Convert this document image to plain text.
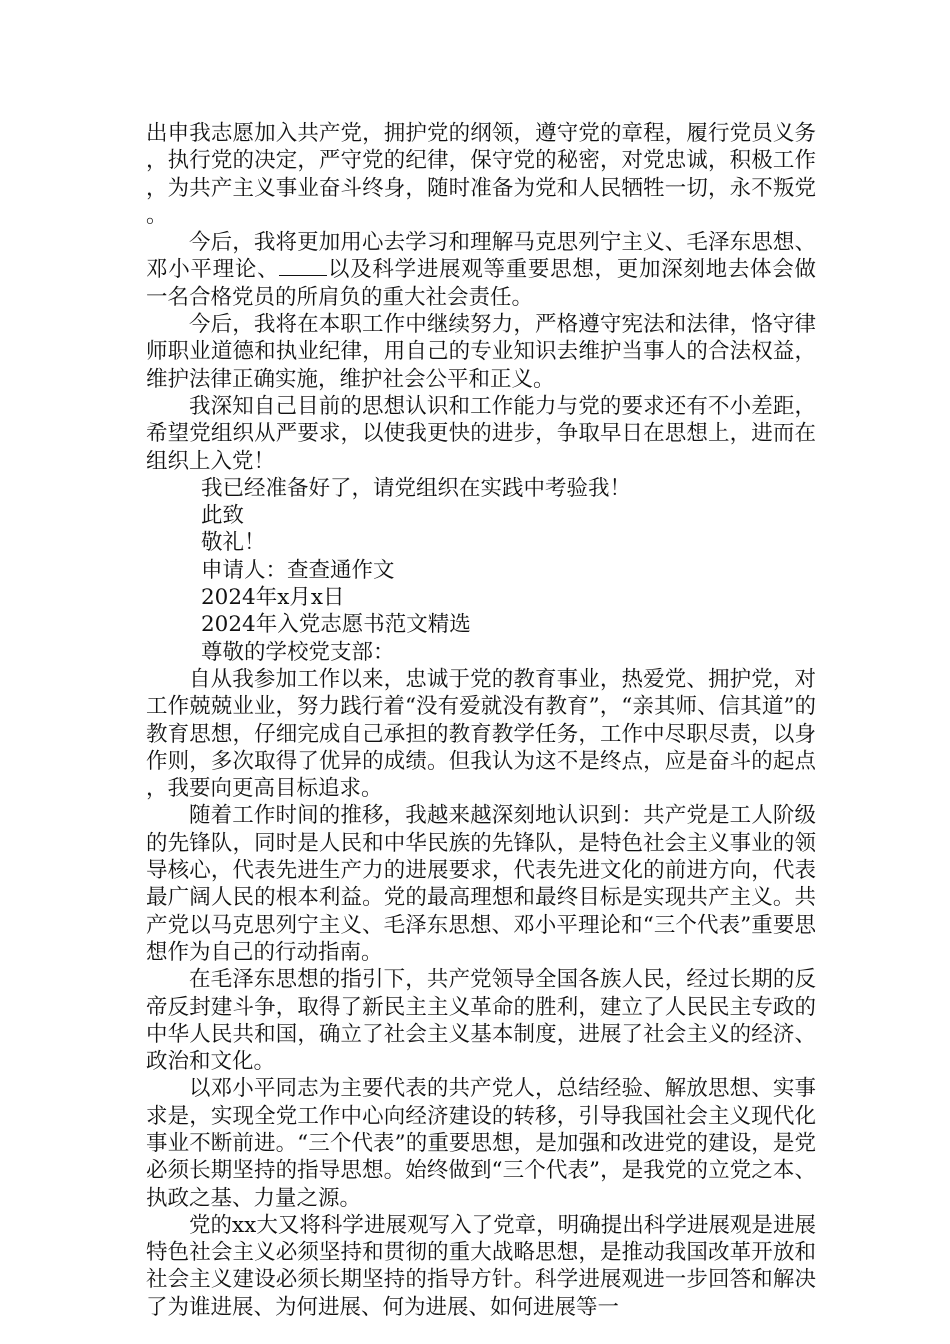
出申我志愿加入共产党，拥护党的纲领，遵守党的章程，履行党员义务，执行党的决定，严守党的纪律，保守党的秘密，对党忠诚，积极工作，为共产主义事业奋斗终身，随时准备为党和人民牺牲一切，永不叛党。

今后，我将更加用心去学习和理解马克思列宁主义、毛泽东思想、邓小平理论、 以及科学进展观等重要思想，更加深刻地去体会做一名合格党员的所肩负的重大社会责任。

今后，我将在本职工作中继续努力，严格遵守宪法和法律，恪守律师职业道德和执业纪律，用自己的专业知识去维护当事人的合法权益，维护法律正确实施，维护社会公平和正义。

我深知自己目前的思想认识和工作能力与党的要求还有不小差距，希望党组织从严要求，以使我更快的进步，争取早日在思想上，进而在组织上入党！

我已经准备好了，请党组织在实践中考验我！

此致

敬礼！

申请人：查查通作文

2024年x月x日

2024年入党志愿书范文精选

尊敬的学校党支部：

自从我参加工作以来，忠诚于党的教育事业，热爱党、拥护党，对工作兢兢业业，努力践行着“没有爱就没有教育”，“亲其师、信其道”的教育思想，仔细完成自己承担的教育教学任务，工作中尽职尽责，以身作则，多次取得了优异的成绩。但我认为这不是终点，应是奋斗的起点，我要向更高目标追求。

随着工作时间的推移，我越来越深刻地认识到：共产党是工人阶级的先锋队，同时是人民和中华民族的先锋队，是特色社会主义事业的领导核心，代表先进生产力的进展要求，代表先进文化的前进方向，代表最广阔人民的根本利益。党的最高理想和最终目标是实现共产主义。共产党以马克思列宁主义、毛泽东思想、邓小平理论和“三个代表”重要思想作为自己的行动指南。

在毛泽东思想的指引下，共产党领导全国各族人民，经过长期的反帝反封建斗争，取得了新民主主义革命的胜利，建立了人民民主专政的中华人民共和国，确立了社会主义基本制度，进展了社会主义的经济、政治和文化。

以邓小平同志为主要代表的共产党人，总结经验、解放思想、实事求是，实现全党工作中心向经济建设的转移，引导我国社会主义现代化事业不断前进。“三个代表”的重要思想，是加强和改进党的建设，是党必须长期坚持的指导思想。始终做到“三个代表”，是我党的立党之本、执政之基、力量之源。

党的xx大又将科学进展观写入了党章，明确提出科学进展观是进展特色社会主义必须坚持和贯彻的重大战略思想，是推动我国改革开放和社会主义建设必须长期坚持的指导方针。科学进展观进一步回答和解决了为谁进展、为何进展、何为进展、如何进展等一
